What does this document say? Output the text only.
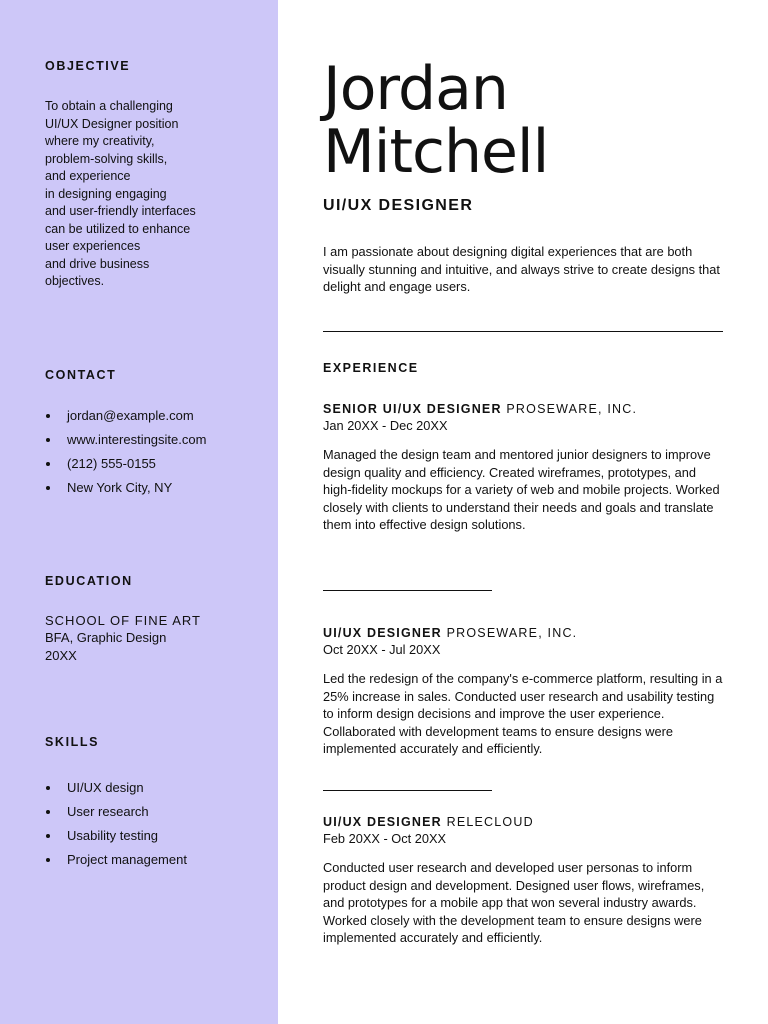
OBJECTIVE
To obtain a challenging
UI/UX Designer position
where my creativity,
problem-solving skills,
and experience
in designing engaging
and user-friendly interfaces
can be utilized to enhance
user experiences
and drive business
objectives.
CONTACT
jordan@example.com
www.interestingsite.com
(212) 555-0155
New York City, NY
EDUCATION
SCHOOL OF FINE ART
BFA, Graphic Design
20XX
SKILLS
UI/UX design
User research
Usability testing
Project management
Jordan
Mitchell
UI/UX DESIGNER

I am passionate about designing digital experiences that are both visually stunning and intuitive, and always strive to create designs that delight and engage users.

EXPERIENCE
SENIOR UI/UX DESIGNER PROSEWARE, INC.
Jan 20XX - Dec 20XX
Managed the design team and mentored junior designers to improve design quality and efficiency. Created wireframes, prototypes, and high-fidelity mockups for a variety of web and mobile projects. Worked closely with clients to understand their needs and goals and translate them into effective design solutions.
UI/UX DESIGNER PROSEWARE, INC.
Oct 20XX - Jul 20XX
Led the redesign of the company's e-commerce platform, resulting in a 25% increase in sales. Conducted user research and usability testing to inform design decisions and improve the user experience. Collaborated with development teams to ensure designs were implemented accurately and efficiently.
UI/UX DESIGNER RELECLOUD
Feb 20XX - Oct 20XX
Conducted user research and developed user personas to inform product design and development. Designed user flows, wireframes, and prototypes for a mobile app that won several industry awards. Worked closely with the development team to ensure designs were implemented accurately and efficiently.
